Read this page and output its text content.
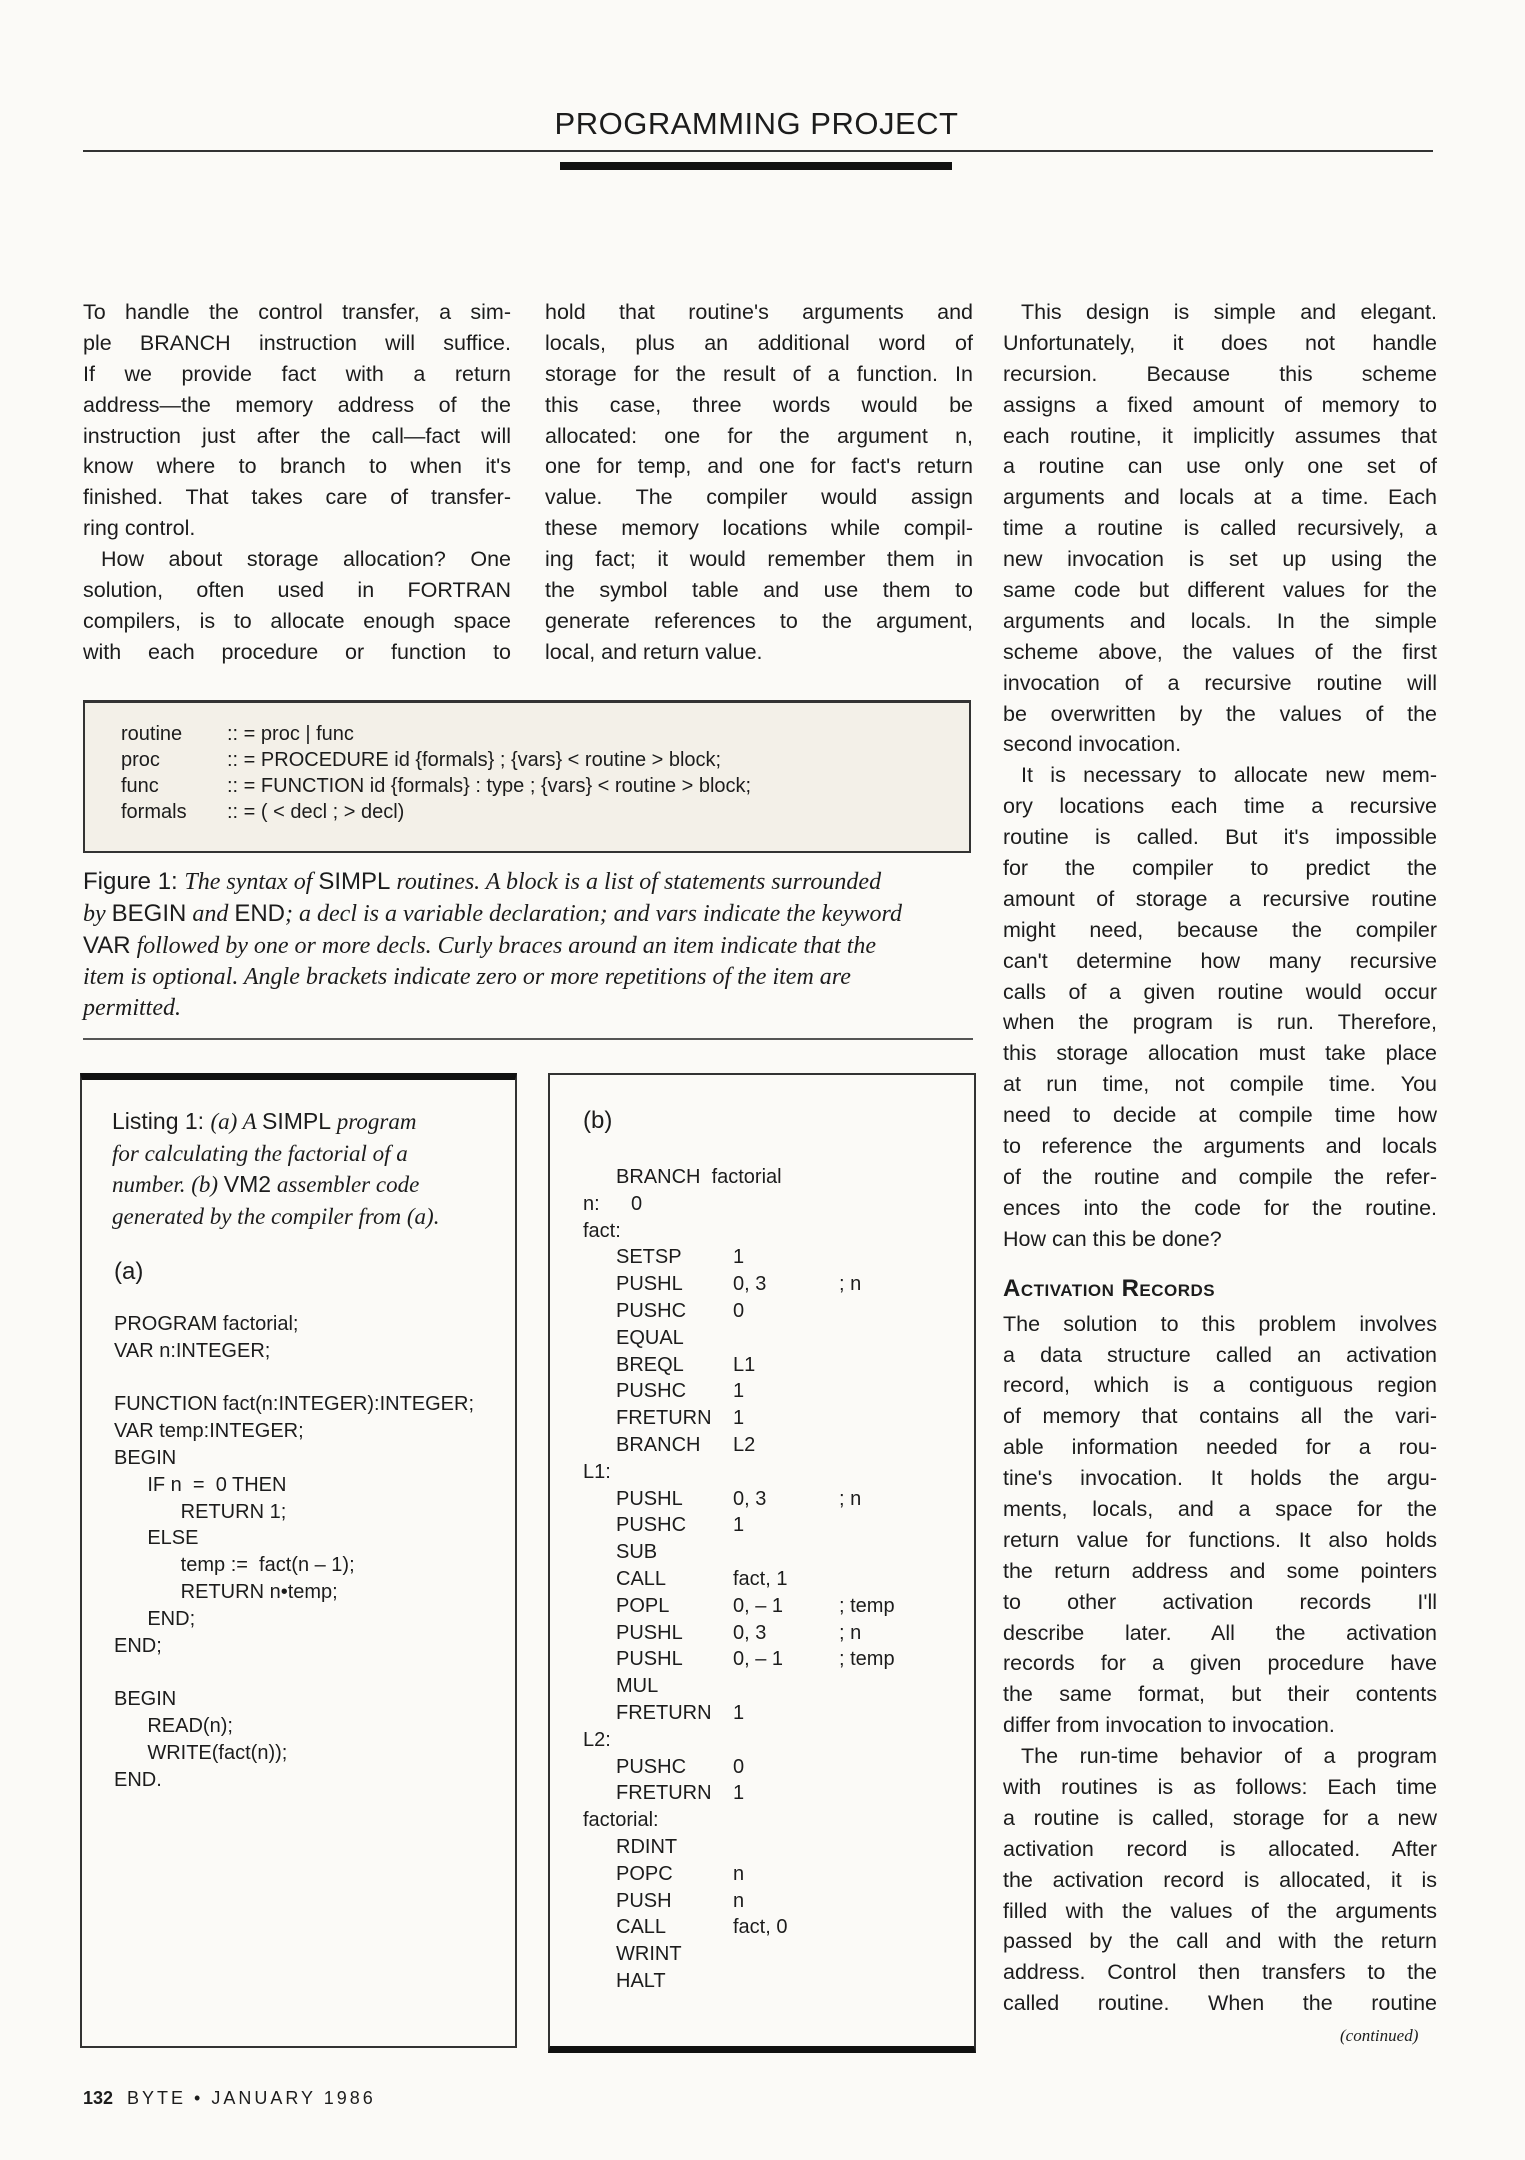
PROGRAMMING PROJECT
To handle the control transfer, a sim-
ple BRANCH instruction will suffice.
If we provide fact with a return
address—the memory address of the
instruction just after the call—fact will
know where to branch to when it's
finished. That takes care of transfer-
ring control.
How about storage allocation? One
solution, often used in FORTRAN
compilers, is to allocate enough space
with each procedure or function to
hold that routine's arguments and
locals, plus an additional word of
storage for the result of a function. In
this case, three words would be
allocated: one for the argument n,
one for temp, and one for fact's return
value. The compiler would assign
these memory locations while compil-
ing fact; it would remember them in
the symbol table and use them to
generate references to the argument,
local, and return value.
This design is simple and elegant.
Unfortunately, it does not handle
recursion. Because this scheme
assigns a fixed amount of memory to
each routine, it implicitly assumes that
a routine can use only one set of
arguments and locals at a time. Each
time a routine is called recursively, a
new invocation is set up using the
same code but different values for the
arguments and locals. In the simple
scheme above, the values of the first
invocation of a recursive routine will
be overwritten by the values of the
second invocation.
It is necessary to allocate new mem-
ory locations each time a recursive
routine is called. But it's impossible
for the compiler to predict the
amount of storage a recursive routine
might need, because the compiler
can't determine how many recursive
calls of a given routine would occur
when the program is run. Therefore,
this storage allocation must take place
at run time, not compile time. You
need to decide at compile time how
to reference the arguments and locals
of the routine and compile the refer-
ences into the code for the routine.
How can this be done?
Activation Records
The solution to this problem involves
a data structure called an activation
record, which is a contiguous region
of memory that contains all the vari-
able information needed for a rou-
tine's invocation. It holds the argu-
ments, locals, and a space for the
return value for functions. It also holds
the return address and some pointers
to other activation records I'll
describe later. All the activation
records for a given procedure have
the same format, but their contents
differ from invocation to invocation.
The run-time behavior of a program
with routines is as follows: Each time
a routine is called, storage for a new
activation record is allocated. After
the activation record is allocated, it is
filled with the values of the arguments
passed by the call and with the return
address. Control then transfers to the
called routine. When the routine
(continued)
routine :: = proc | func
proc	:: = PROCEDURE id {formals} ; {vars} < routine > block;
func	:: = FUNCTION id {formals} : type ; {vars} < routine > block;
formals :: = ( < decl ; > decl)
Figure 1: The syntax of SIMPL routines. A block is a list of statements surrounded
by BEGIN and END; a decl is a variable declaration; and vars indicate the keyword
VAR followed by one or more decls. Curly braces around an item indicate that the
item is optional. Angle brackets indicate zero or more repetitions of the item are
permitted.
Listing 1: (a) A SIMPL program
for calculating the factorial of a
number. (b) VM2 assembler code
generated by the compiler from (a).
(a)
PROGRAM factorial;
VAR n:INTEGER;

FUNCTION fact(n:INTEGER):INTEGER;
VAR temp:INTEGER;
BEGIN
IF n  =  0 THEN
RETURN 1;
ELSE
temp :=  fact(n – 1);
RETURN n•temp;
END;
END;

BEGIN
READ(n);
WRITE(fact(n));
END.
(b)
BRANCH  factorial
n: 0
fact:
SETSP	1
PUSHL	0, 3	; n
PUSHC 0
EQUAL
BREQL L1
PUSHC 1
FRETURN 1
BRANCH L2
L1:
PUSHL	0, 3	; n
PUSHC 1
SUB
CALL	fact, 1
POPL	0, – 1	; temp
PUSHL	0, 3	; n
PUSHL	0, – 1	; temp
MUL
FRETURN 1
L2:
PUSHC 0
FRETURN 1
factorial:
RDINT
POPC	n
PUSH	n
CALL	fact, 0
WRINT
HALT
132 BYTE • JANUARY 1986
